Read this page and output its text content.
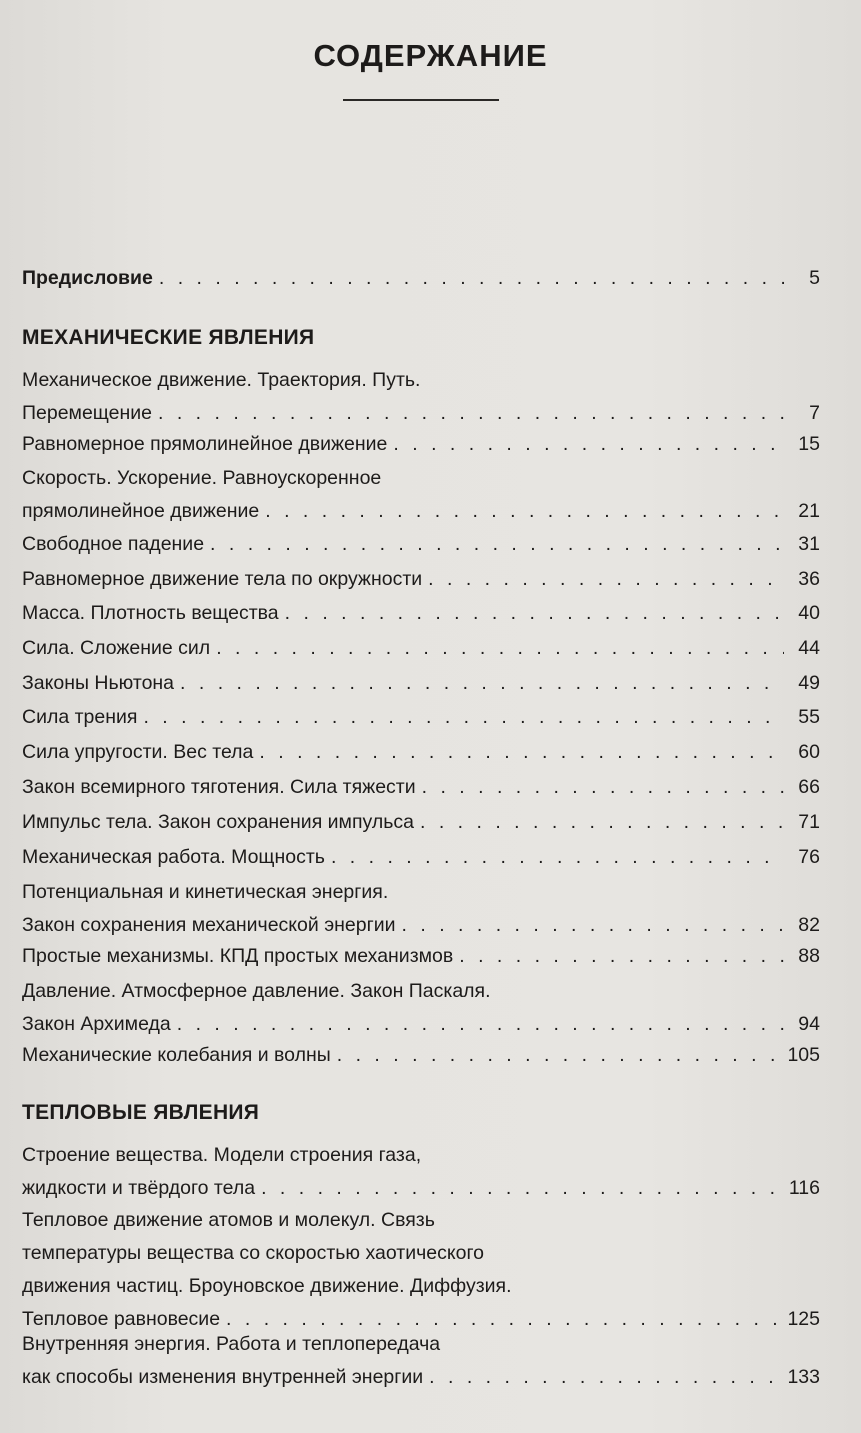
СОДЕРЖАНИЕ
Предисловие . . .	5
МЕХАНИЧЕСКИЕ ЯВЛЕНИЯ
Механическое движение. Траектория. Путь.
Перемещение . . .	7
Равномерное прямолинейное движение . . .	15
Скорость. Ускорение. Равноускоренное
прямолинейное движение . . .	21
Свободное падение . . .	31
Равномерное движение тела по окружности . . .	36
Масса. Плотность вещества . . .	40
Сила. Сложение сил . . .	44
Законы Ньютона . . .	49
Сила трения . . .	55
Сила упругости. Вес тела . . .	60
Закон всемирного тяготения. Сила тяжести . . .	66
Импульс тела. Закон сохранения импульса . . .	71
Механическая работа. Мощность . . .	76
Потенциальная и кинетическая энергия.
Закон сохранения механической энергии . . .	82
Простые механизмы. КПД простых механизмов . . .	88
Давление. Атмосферное давление. Закон Паскаля.
Закон Архимеда . . .	94
Механические колебания и волны . . .	105
ТЕПЛОВЫЕ ЯВЛЕНИЯ
Строение вещества. Модели строения газа,
жидкости и твёрдого тела . . .	116
Тепловое движение атомов и молекул. Связь
температуры вещества со скоростью хаотического
движения частиц. Броуновское движение. Диффузия.
Тепловое равновесие . . .	125
Внутренняя энергия. Работа и теплопередача
как способы изменения внутренней энергии . . .	133
